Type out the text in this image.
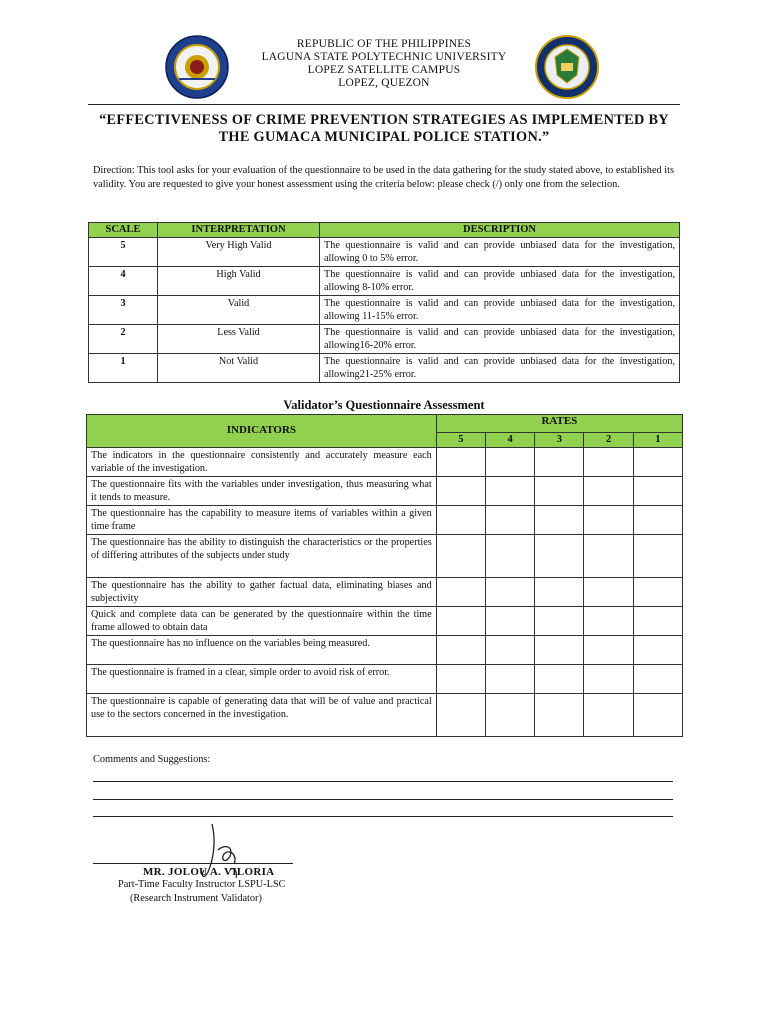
REPUBLIC OF THE PHILIPPINES
LAGUNA STATE POLYTECHNIC UNIVERSITY
LOPEZ SATELLITE CAMPUS
LOPEZ, QUEZON
“EFFECTIVENESS OF CRIME PREVENTION STRATEGIES AS IMPLEMENTED BY THE GUMACA MUNICIPAL POLICE STATION.”
Direction: This tool asks for your evaluation of the questionnaire to be used in the data gathering for the study stated above, to established its validity. You are requested to give your honest assessment using the criteria below: please check (/) only one from the selection.
SCALE	INTERPRETATION	DESCRIPTION
5	Very High Valid	The questionnaire is valid and can provide unbiased data for the investigation, allowing 0 to 5% error.
4	High Valid	The questionnaire is valid and can provide unbiased data for the investigation, allowing 8-10% error.
3	Valid	The questionnaire is valid and can provide unbiased data for the investigation, allowing 11-15% error.
2	Less Valid	The questionnaire is valid and can provide unbiased data for the investigation, allowing16-20% error.
1	Not Valid	The questionnaire is valid and can provide unbiased data for the investigation, allowing21-25% error.
Validator’s Questionnaire Assessment
INDICATORS	RATES				
	5	4	3	2	1
The indicators in the questionnaire consistently and accurately measure each variable of the investigation.					
The questionnaire fits with the variables under investigation, thus measuring what it tends to measure.					
The questionnaire has the capability to measure items of variables within a given time frame					
The questionnaire has the ability to distinguish the characteristics or the properties of differing attributes of the subjects under study					
The questionnaire has the ability to gather factual data, eliminating biases and subjectivity					
Quick and complete data can be generated by the questionnaire within the time frame allowed to obtain data					
The questionnaire has no influence on the variables being measured.					
The questionnaire is framed in a clear, simple order to avoid risk of error.					
The questionnaire is capable of generating data that will be of value and practical use to the sectors concerned in the investigation.					
Comments and Suggestions:
MR. JOLOU A. VILORIA
Part-Time Faculty Instructor LSPU-LSC
(Research Instrument Validator)
